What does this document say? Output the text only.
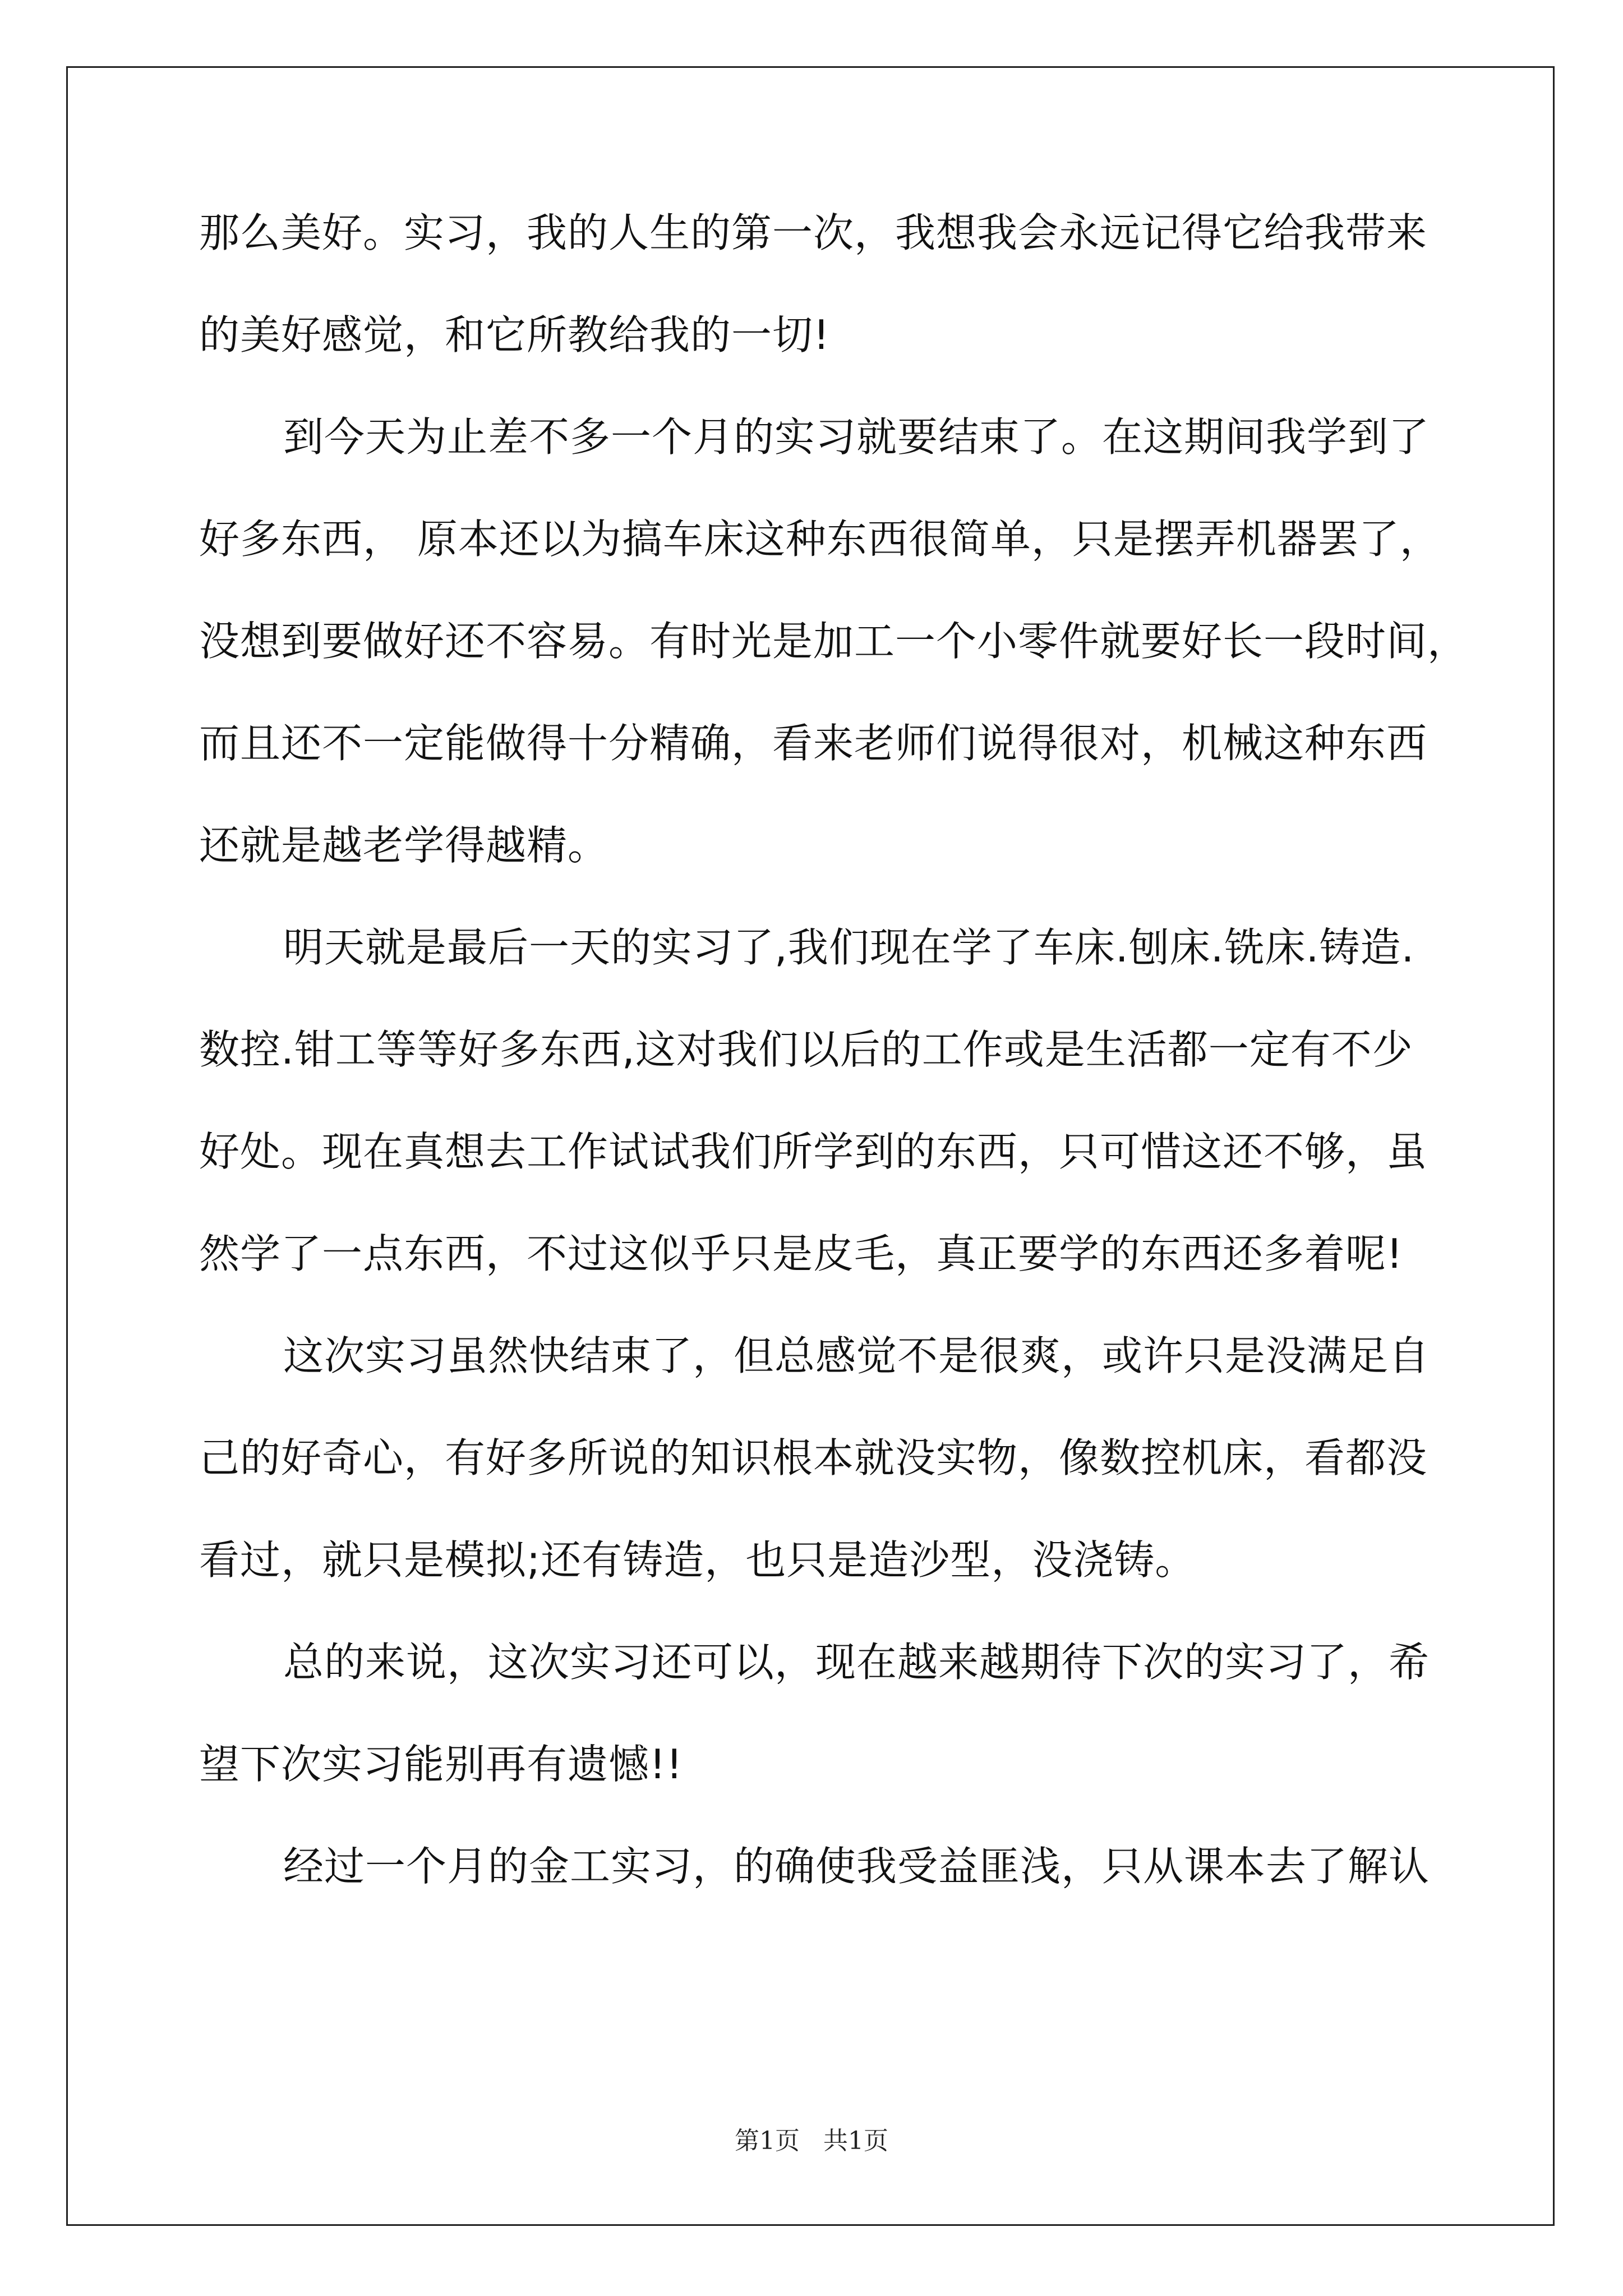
那么美好。实习，我的人生的第一次，我想我会永远记得它给我带来
的美好感觉，和它所教给我的一切!
到今天为止差不多一个月的实习就要结束了。在这期间我学到了
好多东西， 原本还以为搞车床这种东西很简单，只是摆弄机器罢了，
没想到要做好还不容易。有时光是加工一个小零件就要好长一段时间，
而且还不一定能做得十分精确，看来老师们说得很对，机械这种东西
还就是越老学得越精。
明天就是最后一天的实习了,我们现在学了车床.刨床.铣床.铸造.
数控.钳工等等好多东西,这对我们以后的工作或是生活都一定有不少
好处。现在真想去工作试试我们所学到的东西，只可惜这还不够，虽
然学了一点东西，不过这似乎只是皮毛，真正要学的东西还多着呢!
这次实习虽然快结束了，但总感觉不是很爽，或许只是没满足自
己的好奇心，有好多所说的知识根本就没实物，像数控机床，看都没
看过，就只是模拟;还有铸造，也只是造沙型，没浇铸。
总的来说，这次实习还可以，现在越来越期待下次的实习了，希
望下次实习能别再有遗憾!!
经过一个月的金工实习，的确使我受益匪浅，只从课本去了解认
第1页 共1页
